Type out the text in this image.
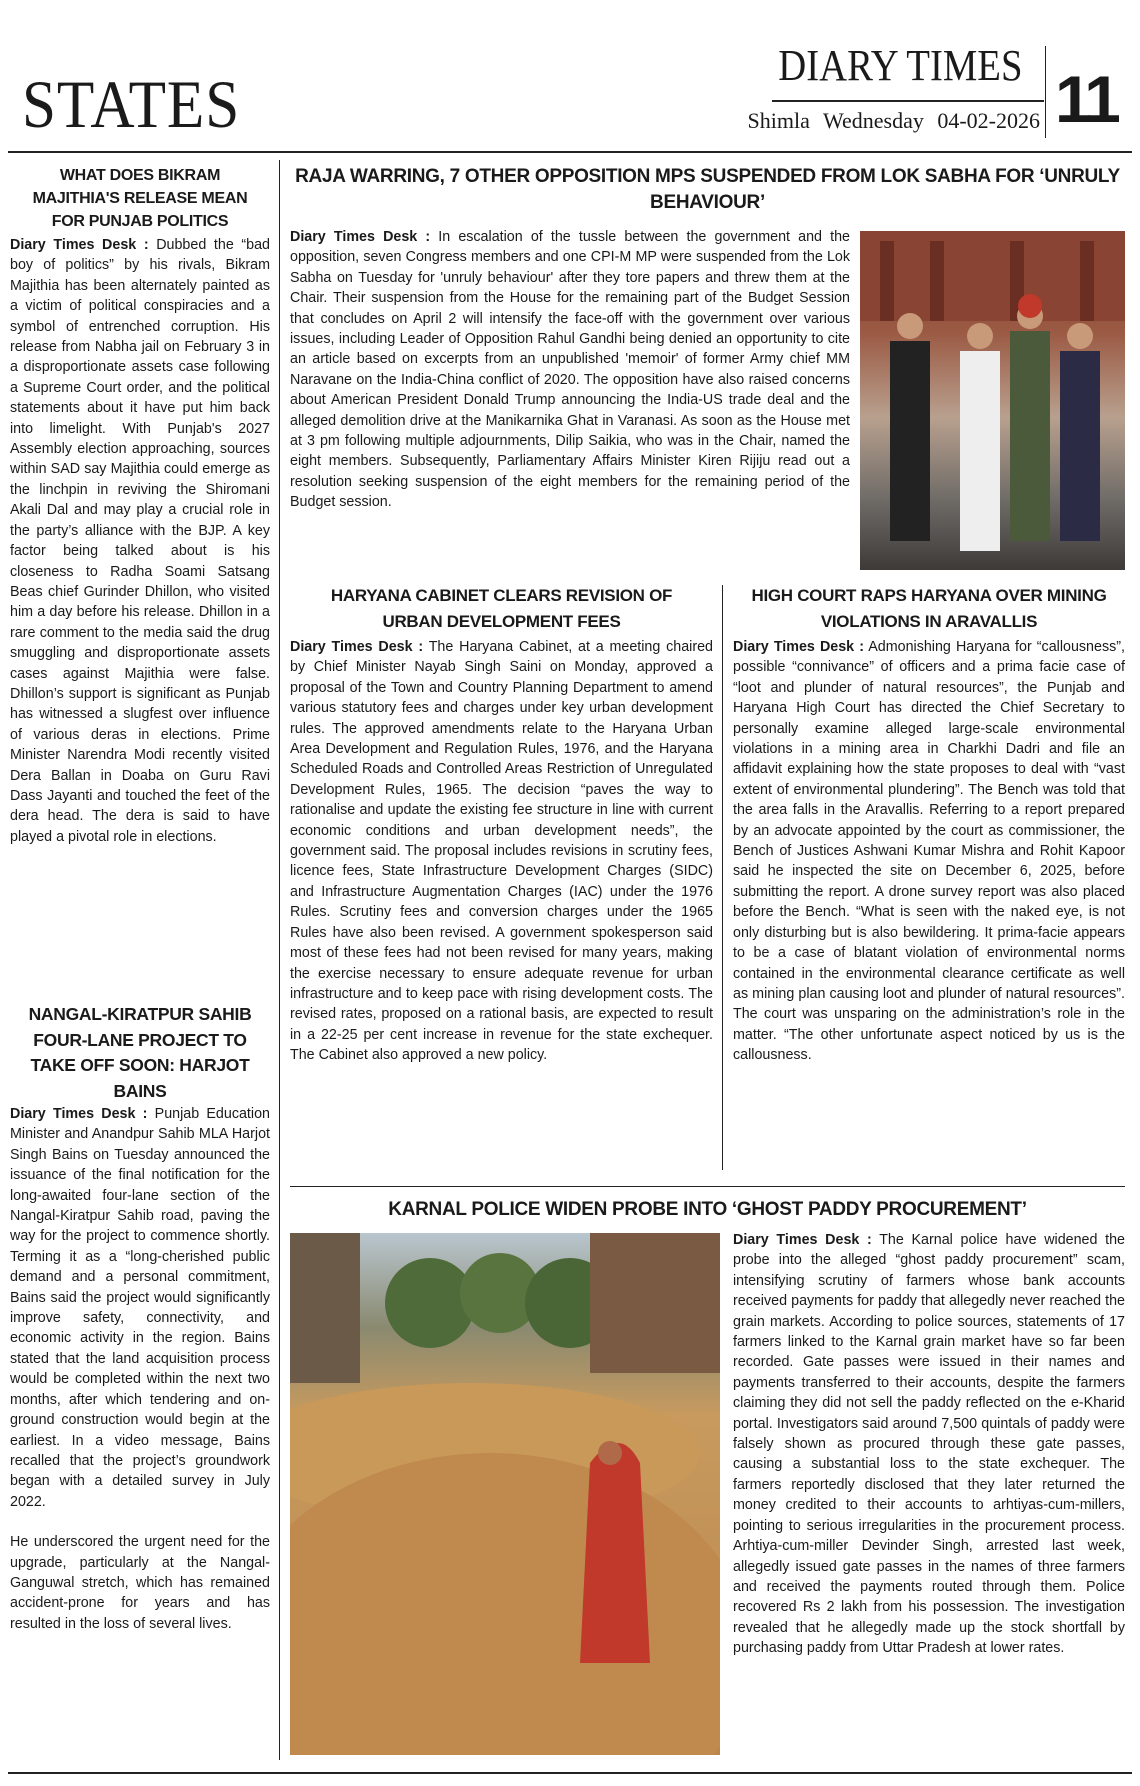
STATES
DIARY TIMES
Shimla Wednesday 04-02-2026 11
WHAT DOES BIKRAM MAJITHIA'S RELEASE MEAN FOR PUNJAB POLITICS
Diary Times Desk : Dubbed the “bad boy of politics” by his rivals, Bikram Majithia has been alternately painted as a victim of political conspiracies and a symbol of entrenched corruption. His release from Nabha jail on February 3 in a disproportionate assets case following a Supreme Court order, and the political statements about it have put him back into limelight. With Punjab's 2027 Assembly election approaching, sources within SAD say Majithia could emerge as the linchpin in reviving the Shiromani Akali Dal and may play a crucial role in the party’s alliance with the BJP. A key factor being talked about is his closeness to Radha Soami Satsang Beas chief Gurinder Dhillon, who visited him a day before his release. Dhillon in a rare comment to the media said the drug smuggling and disproportionate assets cases against Majithia were false. Dhillon’s support is significant as Punjab has witnessed a slugfest over influence of various deras in elections. Prime Minister Narendra Modi recently visited Dera Ballan in Doaba on Guru Ravi Dass Jayanti and touched the feet of the dera head. The dera is said to have played a pivotal role in elections.
NANGAL-KIRATPUR SAHIB FOUR-LANE PROJECT TO TAKE OFF SOON: HARJOT BAINS

Diary Times Desk : Punjab Education Minister and Anandpur Sahib MLA Harjot Singh Bains on Tuesday announced the issuance of the final notification for the long-awaited four-lane section of the Nangal-Kiratpur Sahib road, paving the way for the project to commence shortly. Terming it as a “long-cherished public demand and a personal commitment, Bains said the project would significantly improve safety, connectivity, and economic activity in the region. Bains stated that the land acquisition process would be completed within the next two months, after which tendering and on-ground construction would begin at the earliest. In a video message, Bains recalled that the project’s groundwork began with a detailed survey in July 2022.

He underscored the urgent need for the upgrade, particularly at the Nangal-Ganguwal stretch, which has remained accident-prone for years and has resulted in the loss of several lives.

RAJA WARRING, 7 OTHER OPPOSITION MPS SUSPENDED FROM LOK SABHA FOR ‘UNRULY BEHAVIOUR’
Diary Times Desk : In escalation of the tussle between the government and the opposition, seven Congress members and one CPI-M MP were suspended from the Lok Sabha on Tuesday for 'unruly behaviour' after they tore papers and threw them at the Chair. Their suspension from the House for the remaining part of the Budget Session that concludes on April 2 will intensify the face-off with the government over various issues, including Leader of Opposition Rahul Gandhi being denied an opportunity to cite an article based on excerpts from an unpublished 'memoir' of former Army chief MM Naravane on the India-China conflict of 2020. The opposition have also raised concerns about American President Donald Trump announcing the India-US trade deal and the alleged demolition drive at the Manikarnika Ghat in Varanasi. As soon as the House met at 3 pm following multiple adjournments, Dilip Saikia, who was in the Chair, named the eight members. Subsequently, Parliamentary Affairs Minister Kiren Rijiju read out a resolution seeking suspension of the eight members for the remaining period of the Budget session.
HARYANA CABINET CLEARS REVISION OF URBAN DEVELOPMENT FEES
Diary Times Desk : The Haryana Cabinet, at a meeting chaired by Chief Minister Nayab Singh Saini on Monday, approved a proposal of the Town and Country Planning Department to amend various statutory fees and charges under key urban development rules. The approved amendments relate to the Haryana Urban Area Development and Regulation Rules, 1976, and the Haryana Scheduled Roads and Controlled Areas Restriction of Unregulated Development Rules, 1965. The decision “paves the way to rationalise and update the existing fee structure in line with current economic conditions and urban development needs”, the government said. The proposal includes revisions in scrutiny fees, licence fees, State Infrastructure Development Charges (SIDC) and Infrastructure Augmentation Charges (IAC) under the 1976 Rules. Scrutiny fees and conversion charges under the 1965 Rules have also been revised. A government spokesperson said most of these fees had not been revised for many years, making the exercise necessary to ensure adequate revenue for urban infrastructure and to keep pace with rising development costs. The revised rates, proposed on a rational basis, are expected to result in a 22-25 per cent increase in revenue for the state exchequer. The Cabinet also approved a new policy.
HIGH COURT RAPS HARYANA OVER MINING VIOLATIONS IN ARAVALLIS
Diary Times Desk : Admonishing Haryana for “callousness”, possible “connivance” of officers and a prima facie case of “loot and plunder of natural resources”, the Punjab and Haryana High Court has directed the Chief Secretary to personally examine alleged large-scale environmental violations in a mining area in Charkhi Dadri and file an affidavit explaining how the state proposes to deal with “vast extent of environmental plundering”. The Bench was told that the area falls in the Aravallis. Referring to a report prepared by an advocate appointed by the court as commissioner, the Bench of Justices Ashwani Kumar Mishra and Rohit Kapoor said he inspected the site on December 6, 2025, before submitting the report. A drone survey report was also placed before the Bench. “What is seen with the naked eye, is not only disturbing but is also bewildering. It prima-facie appears to be a case of blatant violation of environmental norms contained in the environmental clearance certificate as well as mining plan causing loot and plunder of natural resources”. The court was unsparing on the administration’s role in the matter. “The other unfortunate aspect noticed by us is the callousness.
KARNAL POLICE WIDEN PROBE INTO ‘GHOST PADDY PROCUREMENT’
Diary Times Desk : The Karnal police have widened the probe into the alleged “ghost paddy procurement” scam, intensifying scrutiny of farmers whose bank accounts received payments for paddy that allegedly never reached the grain markets. According to police sources, statements of 17 farmers linked to the Karnal grain market have so far been recorded. Gate passes were issued in their names and payments transferred to their accounts, despite the farmers claiming they did not sell the paddy reflected on the e-Kharid portal. Investigators said around 7,500 quintals of paddy were falsely shown as procured through these gate passes, causing a substantial loss to the state exchequer. The farmers reportedly disclosed that they later returned the money credited to their accounts to arhtiyas-cum-millers, pointing to serious irregularities in the procurement process. Arhtiya-cum-miller Devinder Singh, arrested last week, allegedly issued gate passes in the names of three farmers and received the payments routed through them. Police recovered Rs 2 lakh from his possession. The investigation revealed that he allegedly made up the stock shortfall by purchasing paddy from Uttar Pradesh at lower rates.
